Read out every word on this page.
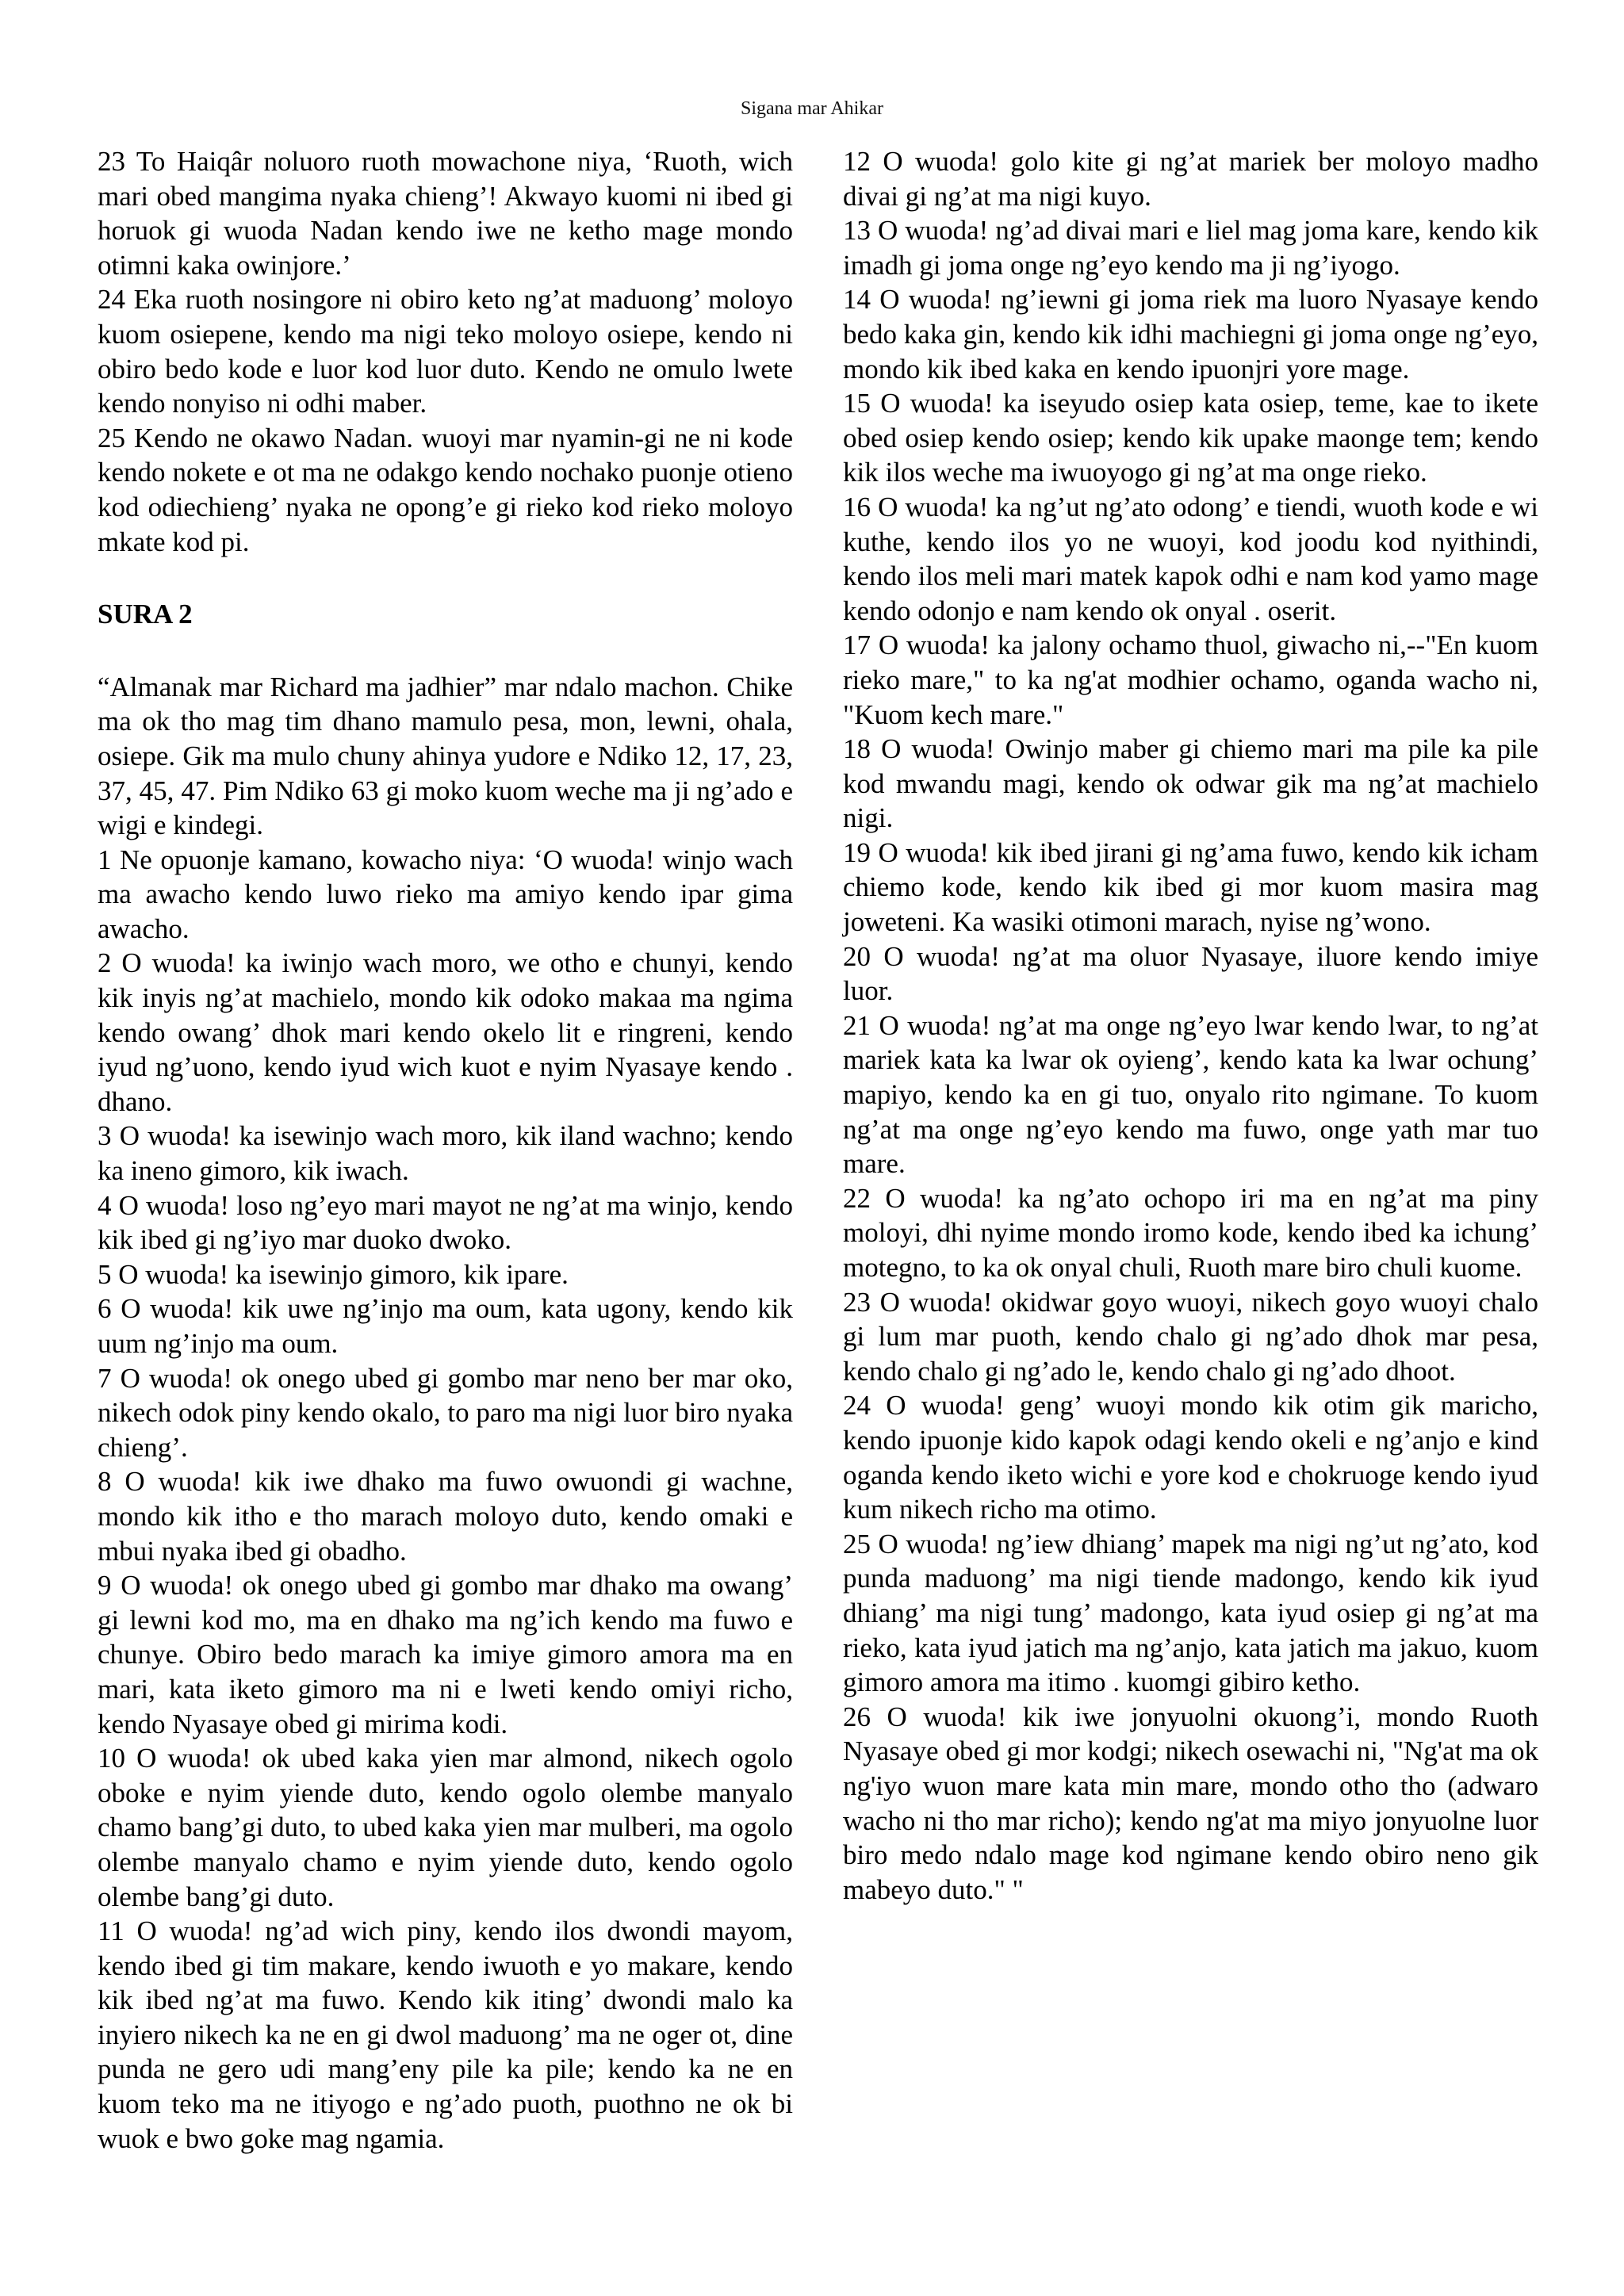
Sigana mar Ahikar

23 To Haiqâr noluoro ruoth mowachone niya, ‘Ruoth, wich mari obed mangima nyaka chieng’! Akwayo kuomi ni ibed gi horuok gi wuoda Nadan kendo iwe ne ketho mage mondo otimni kaka owinjore.’

24 Eka ruoth nosingore ni obiro keto ng’at maduong’ moloyo kuom osiepene, kendo ma nigi teko moloyo osiepe, kendo ni obiro bedo kode e luor kod luor duto. Kendo ne omulo lwete kendo nonyiso ni odhi maber.

25 Kendo ne okawo Nadan. wuoyi mar nyamin-gi ne ni kode kendo nokete e ot ma ne odakgo kendo nochako puonje otieno kod odiechieng’ nyaka ne opong’e gi rieko kod rieko moloyo mkate kod pi.

SURA 2

“Almanak mar Richard ma jadhier” mar ndalo machon. Chike ma ok tho mag tim dhano mamulo pesa, mon, lewni, ohala, osiepe. Gik ma mulo chuny ahinya yudore e Ndiko 12, 17, 23, 37, 45, 47. Pim Ndiko 63 gi moko kuom weche ma ji ng’ado e wigi e kindegi.

1 Ne opuonje kamano, kowacho niya: ‘O wuoda! winjo wach ma awacho kendo luwo rieko ma amiyo kendo ipar gima awacho.

2 O wuoda! ka iwinjo wach moro, we otho e chunyi, kendo kik inyis ng’at machielo, mondo kik odoko makaa ma ngima kendo owang’ dhok mari kendo okelo lit e ringreni, kendo iyud ng’uono, kendo iyud wich kuot e nyim Nyasaye kendo . dhano.

3 O wuoda! ka isewinjo wach moro, kik iland wachno; kendo ka ineno gimoro, kik iwach.

4 O wuoda! loso ng’eyo mari mayot ne ng’at ma winjo, kendo kik ibed gi ng’iyo mar duoko dwoko.

5 O wuoda! ka isewinjo gimoro, kik ipare.

6 O wuoda! kik uwe ng’injo ma oum, kata ugony, kendo kik uum ng’injo ma oum.

7 O wuoda! ok onego ubed gi gombo mar neno ber mar oko, nikech odok piny kendo okalo, to paro ma nigi luor biro nyaka chieng’.

8 O wuoda! kik iwe dhako ma fuwo owuondi gi wachne, mondo kik itho e tho marach moloyo duto, kendo omaki e mbui nyaka ibed gi obadho.

9 O wuoda! ok onego ubed gi gombo mar dhako ma owang’ gi lewni kod mo, ma en dhako ma ng’ich kendo ma fuwo e chunye. Obiro bedo marach ka imiye gimoro amora ma en mari, kata iketo gimoro ma ni e lweti kendo omiyi richo, kendo Nyasaye obed gi mirima kodi.

10 O wuoda! ok ubed kaka yien mar almond, nikech ogolo oboke e nyim yiende duto, kendo ogolo olembe manyalo chamo bang’gi duto, to ubed kaka yien mar mulberi, ma ogolo olembe manyalo chamo e nyim yiende duto, kendo ogolo olembe bang’gi duto.

11 O wuoda! ng’ad wich piny, kendo ilos dwondi mayom, kendo ibed gi tim makare, kendo iwuoth e yo makare, kendo kik ibed ng’at ma fuwo. Kendo kik iting’ dwondi malo ka inyiero nikech ka ne en gi dwol maduong’ ma ne oger ot, dine punda ne gero udi mang’eny pile ka pile; kendo ka ne en kuom teko ma ne itiyogo e ng’ado puoth, puothno ne ok bi wuok e bwo goke mag ngamia.

12 O wuoda! golo kite gi ng’at mariek ber moloyo madho divai gi ng’at ma nigi kuyo.

13 O wuoda! ng’ad divai mari e liel mag joma kare, kendo kik imadh gi joma onge ng’eyo kendo ma ji ng’iyogo.

14 O wuoda! ng’iewni gi joma riek ma luoro Nyasaye kendo bedo kaka gin, kendo kik idhi machiegni gi joma onge ng’eyo, mondo kik ibed kaka en kendo ipuonjri yore mage.

15 O wuoda! ka iseyudo osiep kata osiep, teme, kae to ikete obed osiep kendo osiep; kendo kik upake maonge tem; kendo kik ilos weche ma iwuoyogo gi ng’at ma onge rieko.

16 O wuoda! ka ng’ut ng’ato odong’ e tiendi, wuoth kode e wi kuthe, kendo ilos yo ne wuoyi, kod joodu kod nyithindi, kendo ilos meli mari matek kapok odhi e nam kod yamo mage kendo odonjo e nam kendo ok onyal . oserit.

17 O wuoda! ka jalony ochamo thuol, giwacho ni,--"En kuom rieko mare," to ka ng'at modhier ochamo, oganda wacho ni, "Kuom kech mare."

18 O wuoda! Owinjo maber gi chiemo mari ma pile ka pile kod mwandu magi, kendo ok odwar gik ma ng’at machielo nigi.

19 O wuoda! kik ibed jirani gi ng’ama fuwo, kendo kik icham chiemo kode, kendo kik ibed gi mor kuom masira mag joweteni. Ka wasiki otimoni marach, nyise ng’wono.

20 O wuoda! ng’at ma oluor Nyasaye, iluore kendo imiye luor.

21 O wuoda! ng’at ma onge ng’eyo lwar kendo lwar, to ng’at mariek kata ka lwar ok oyieng’, kendo kata ka lwar ochung’ mapiyo, kendo ka en gi tuo, onyalo rito ngimane. To kuom ng’at ma onge ng’eyo kendo ma fuwo, onge yath mar tuo mare.

22 O wuoda! ka ng’ato ochopo iri ma en ng’at ma piny moloyi, dhi nyime mondo iromo kode, kendo ibed ka ichung’ motegno, to ka ok onyal chuli, Ruoth mare biro chuli kuome.

23 O wuoda! okidwar goyo wuoyi, nikech goyo wuoyi chalo gi lum mar puoth, kendo chalo gi ng’ado dhok mar pesa, kendo chalo gi ng’ado le, kendo chalo gi ng’ado dhoot.

24 O wuoda! geng’ wuoyi mondo kik otim gik maricho, kendo ipuonje kido kapok odagi kendo okeli e ng’anjo e kind oganda kendo iketo wichi e yore kod e chokruoge kendo iyud kum nikech richo ma otimo.

25 O wuoda! ng’iew dhiang’ mapek ma nigi ng’ut ng’ato, kod punda maduong’ ma nigi tiende madongo, kendo kik iyud dhiang’ ma nigi tung’ madongo, kata iyud osiep gi ng’at ma rieko, kata iyud jatich ma ng’anjo, kata jatich ma jakuo, kuom gimoro amora ma itimo . kuomgi gibiro ketho.

26 O wuoda! kik iwe jonyuolni okuong’i, mondo Ruoth Nyasaye obed gi mor kodgi; nikech osewachi ni, "Ng'at ma ok ng'iyo wuon mare kata min mare, mondo otho tho (adwaro wacho ni tho mar richo); kendo ng'at ma miyo jonyuolne luor biro medo ndalo mage kod ngimane kendo obiro neno gik mabeyo duto." "
